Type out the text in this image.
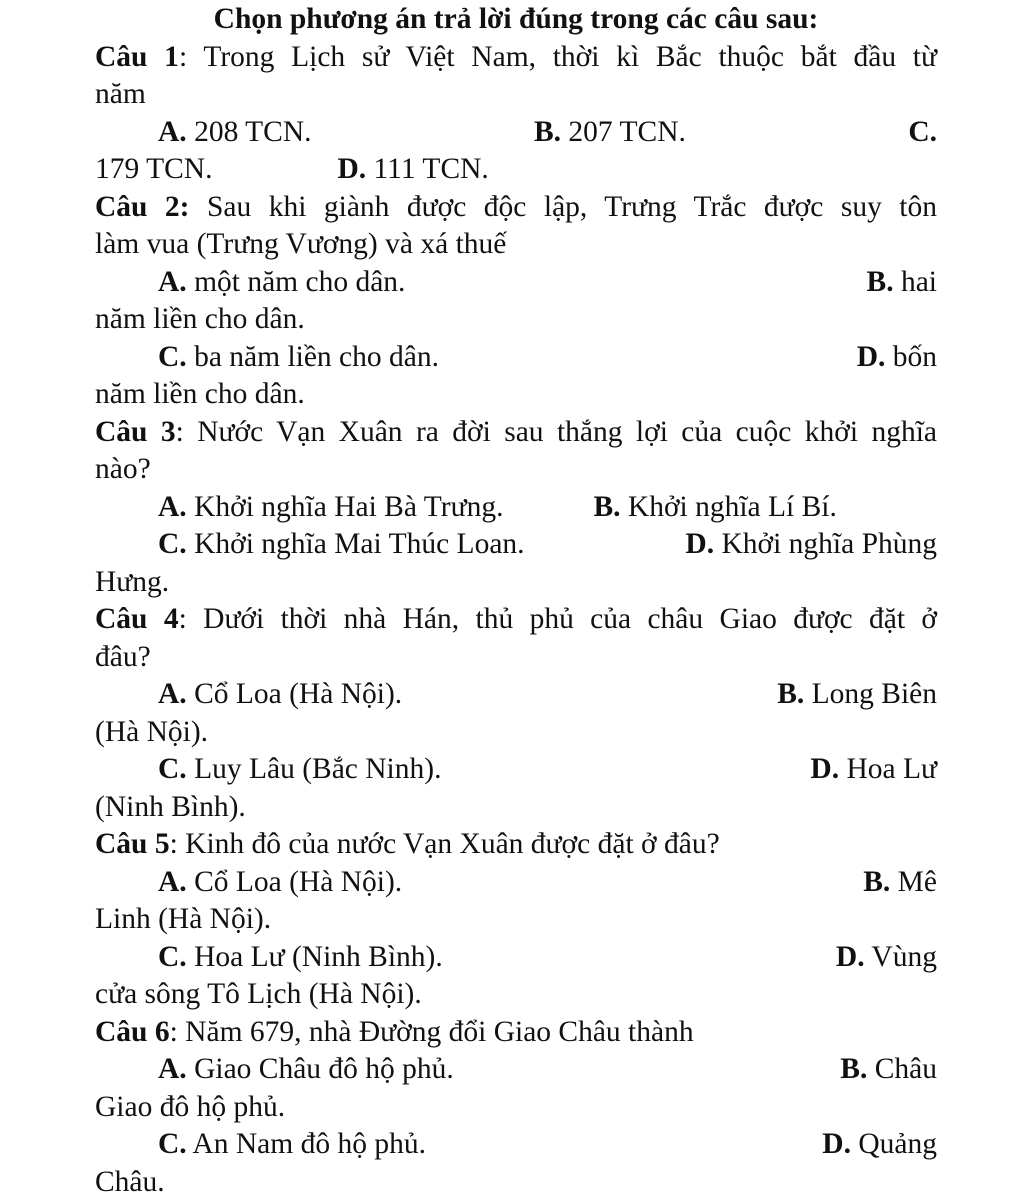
Chọn phương án trả lời đúng trong các câu sau:
Câu 1: Trong Lịch sử Việt Nam, thời kì Bắc thuộc bắt đầu từ
năm
A. 208 TCN.	B. 207 TCN.	C.
179 TCN.	D. 111 TCN.
Câu 2: Sau khi giành được độc lập, Trưng Trắc được suy tôn
làm vua (Trưng Vương) và xá thuế
A. một năm cho dân.	B. hai
năm liền cho dân.
C. ba năm liền cho dân.	D. bốn
năm liền cho dân.
Câu 3: Nước Vạn Xuân ra đời sau thắng lợi của cuộc khởi nghĩa
nào?
A. Khởi nghĩa Hai Bà Trưng.	B. Khởi nghĩa Lí Bí.
C. Khởi nghĩa Mai Thúc Loan.	D. Khởi nghĩa Phùng
Hưng.
Câu 4: Dưới thời nhà Hán, thủ phủ của châu Giao được đặt ở
đâu?
A. Cổ Loa (Hà Nội).	B. Long Biên
(Hà Nội).
C. Luy Lâu (Bắc Ninh).	D. Hoa Lư
(Ninh Bình).
Câu 5: Kinh đô của nước Vạn Xuân được đặt ở đâu?
A. Cổ Loa (Hà Nội).	B. Mê
Linh (Hà Nội).
C. Hoa Lư (Ninh Bình).	D. Vùng
cửa sông Tô Lịch (Hà Nội).
Câu 6: Năm 679, nhà Đường đổi Giao Châu thành
A. Giao Châu đô hộ phủ.	B. Châu
Giao đô hộ phủ.
C. An Nam đô hộ phủ.	D. Quảng
Châu.
